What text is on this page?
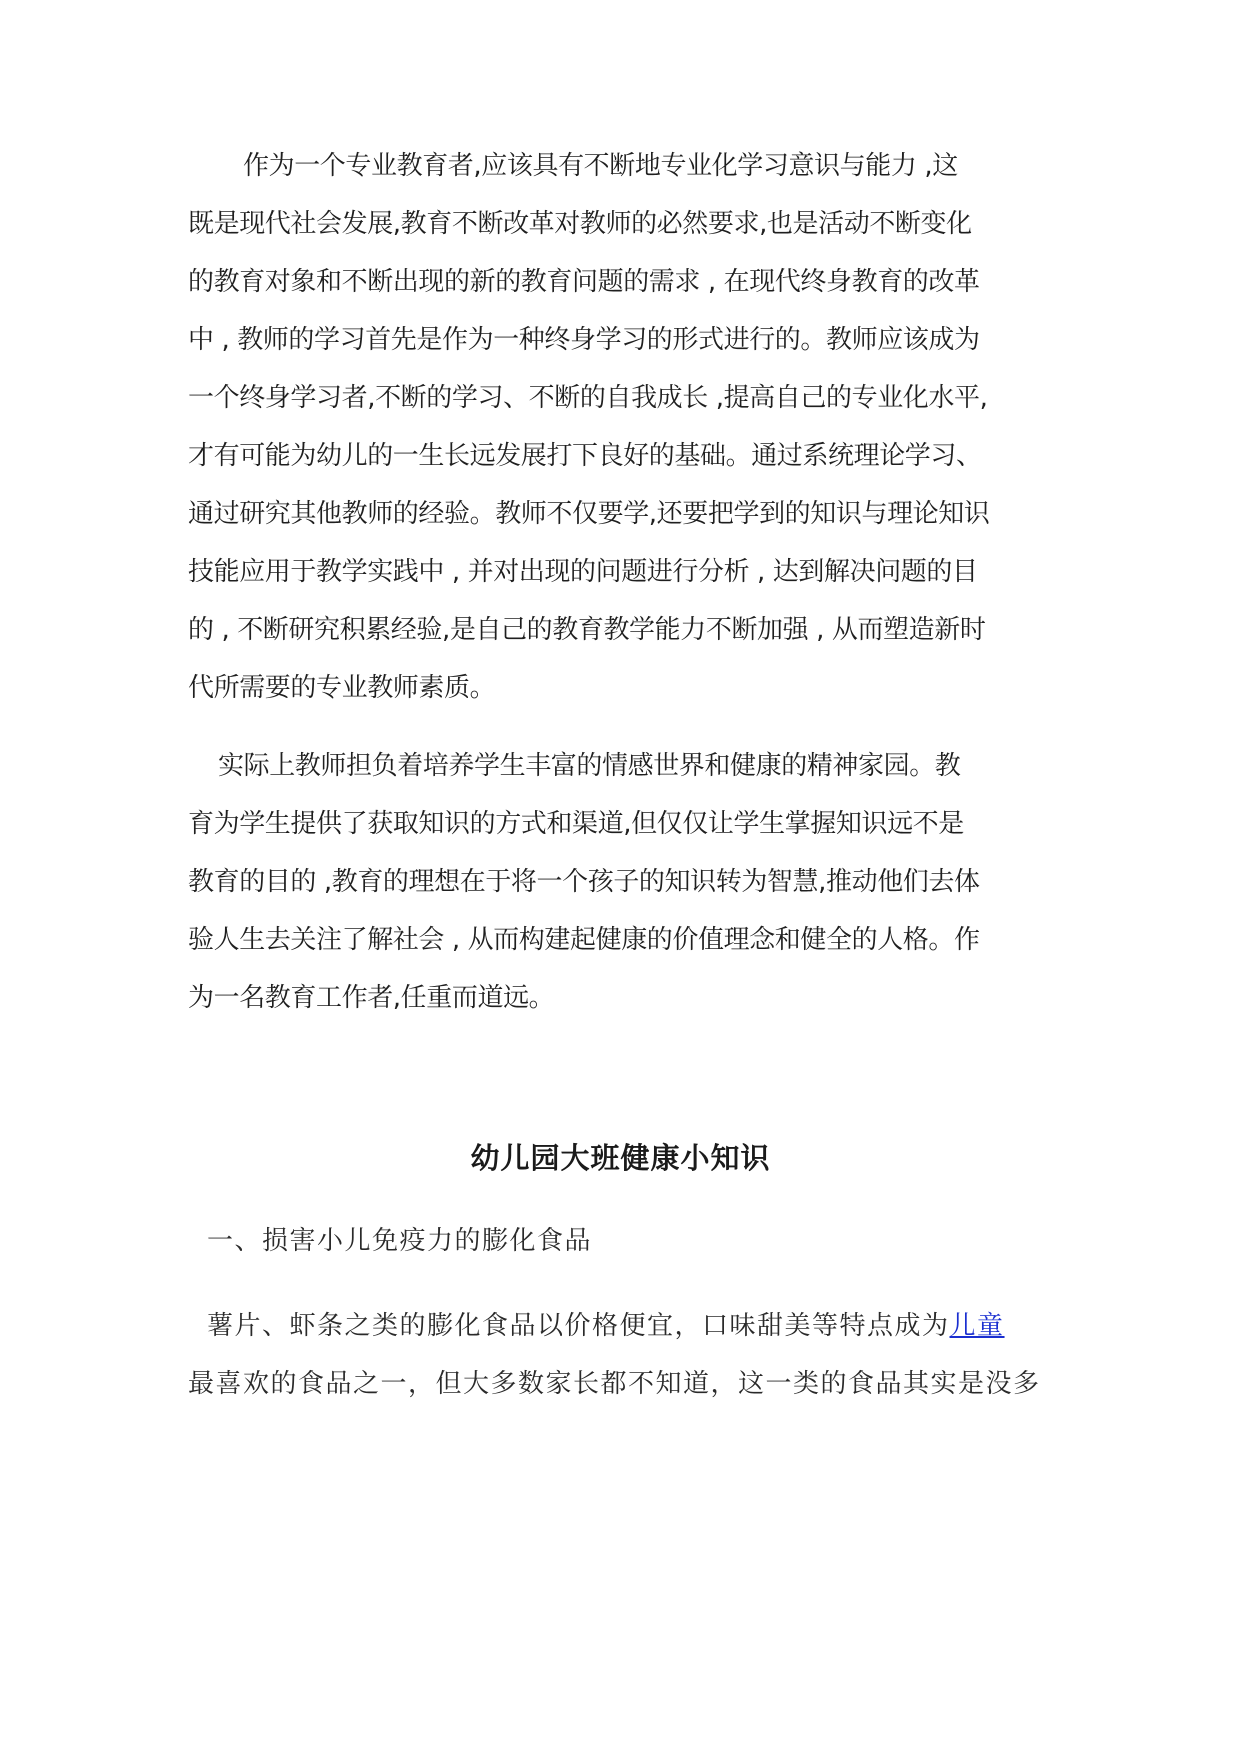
作为一个专业教育者,应该具有不断地专业化学习意识与能力 ,这
既是现代社会发展,教育不断改革对教师的必然要求,也是活动不断变化
的教育对象和不断出现的新的教育问题的需求 , 在现代终身教育的改革
中 , 教师的学习首先是作为一种终身学习的形式进行的。教师应该成为
一个终身学习者,不断的学习、不断的自我成长 ,提高自己的专业化水平,
才有可能为幼儿的一生长远发展打下良好的基础。通过系统理论学习、
通过研究其他教师的经验。教师不仅要学,还要把学到的知识与理论知识
技能应用于教学实践中 , 并对出现的问题进行分析 , 达到解决问题的目
的 , 不断研究积累经验,是自己的教育教学能力不断加强 , 从而塑造新时
代所需要的专业教师素质。
实际上教师担负着培养学生丰富的情感世界和健康的精神家园。教
育为学生提供了获取知识的方式和渠道,但仅仅让学生掌握知识远不是
教育的目的 ,教育的理想在于将一个孩子的知识转为智慧,推动他们去体
验人生去关注了解社会 , 从而构建起健康的价值理念和健全的人格。作
为一名教育工作者,任重而道远。
幼儿园大班健康小知识
一、损害小儿免疫力的膨化食品
薯片、虾条之类的膨化食品以价格便宜，口味甜美等特点成为儿童
最喜欢的食品之一，但大多数家长都不知道，这一类的食品其实是没多
